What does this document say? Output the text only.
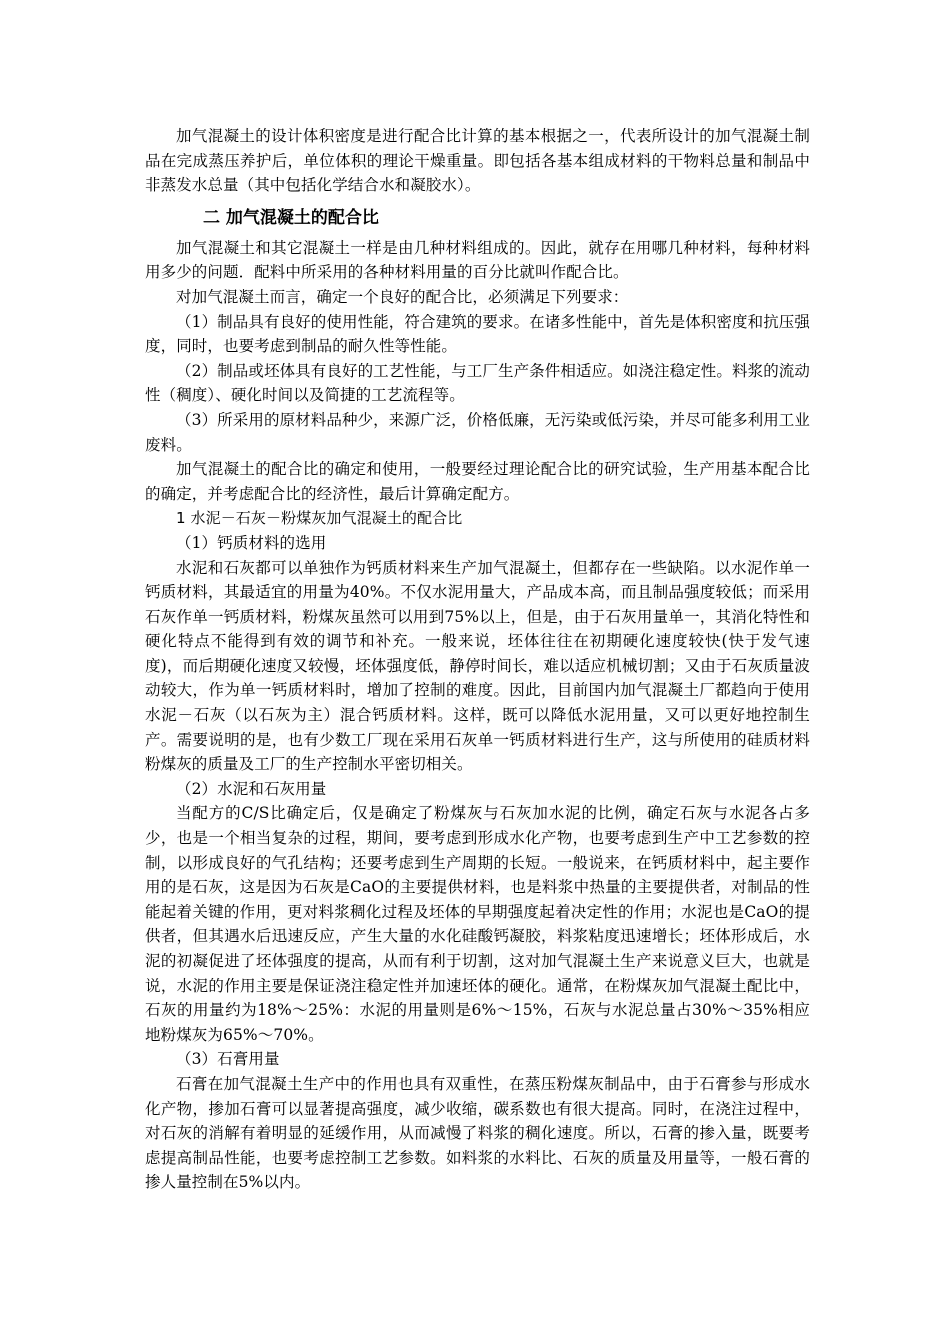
加气混凝土的设计体积密度是进行配合比计算的基本根据之一，代表所设计的加气混凝土制品在完成蒸压养护后，单位体积的理论干燥重量。即包括各基本组成材料的干物料总量和制品中非蒸发水总量（其中包括化学结合水和凝胶水）。

二 加气混凝土的配合比

加气混凝土和其它混凝土一样是由几种材料组成的。因此，就存在用哪几种材料，每种材料用多少的问题．配料中所采用的各种材料用量的百分比就叫作配合比。

对加气混凝土而言，确定一个良好的配合比，必须满足下列要求：

（1）制品具有良好的使用性能，符合建筑的要求。在诸多性能中，首先是体积密度和抗压强度，同时，也要考虑到制品的耐久性等性能。

（2）制品或坯体具有良好的工艺性能，与工厂生产条件相适应。如浇注稳定性。料浆的流动性（稠度）、硬化时间以及简捷的工艺流程等。

（3）所采用的原材料品种少，来源广泛，价格低廉，无污染或低污染，并尽可能多利用工业废料。

加气混凝土的配合比的确定和使用，一般要经过理论配合比的研究试验，生产用基本配合比的确定，并考虑配合比的经济性，最后计算确定配方。

1 水泥－石灰－粉煤灰加气混凝土的配合比

（1）钙质材料的选用

水泥和石灰都可以单独作为钙质材料来生产加气混凝土，但都存在一些缺陷。以水泥作单一钙质材料，其最适宜的用量为40%。不仅水泥用量大，产品成本高，而且制品强度较低；而采用石灰作单一钙质材料，粉煤灰虽然可以用到75%以上，但是，由于石灰用量单一，其消化特性和硬化特点不能得到有效的调节和补充。一般来说，坯体往往在初期硬化速度较快(快于发气速度)，而后期硬化速度又较慢，坯体强度低，静停时间长，难以适应机械切割；又由于石灰质量波动较大，作为单一钙质材料时，增加了控制的难度。因此，目前国内加气混凝土厂都趋向于使用水泥－石灰（以石灰为主）混合钙质材料。这样，既可以降低水泥用量，又可以更好地控制生产。需要说明的是，也有少数工厂现在采用石灰单一钙质材料进行生产，这与所使用的硅质材料粉煤灰的质量及工厂的生产控制水平密切相关。

（2）水泥和石灰用量

当配方的C/S比确定后，仅是确定了粉煤灰与石灰加水泥的比例，确定石灰与水泥各占多少，也是一个相当复杂的过程，期间，要考虑到形成水化产物，也要考虑到生产中工艺参数的控制，以形成良好的气孔结构；还要考虑到生产周期的长短。一般说来，在钙质材料中，起主要作用的是石灰，这是因为石灰是CaO的主要提供材料，也是料浆中热量的主要提供者，对制品的性能起着关键的作用，更对料浆稠化过程及坯体的早期强度起着决定性的作用；水泥也是CaO的提供者，但其遇水后迅速反应，产生大量的水化硅酸钙凝胶，料浆粘度迅速增长；坯体形成后，水泥的初凝促进了坯体强度的提高，从而有利于切割，这对加气混凝土生产来说意义巨大，也就是说，水泥的作用主要是保证浇注稳定性并加速坯体的硬化。通常，在粉煤灰加气混凝土配比中，石灰的用量约为18%～25%：水泥的用量则是6%～15%，石灰与水泥总量占30%～35%相应地粉煤灰为65%～70%。

（3）石膏用量

石膏在加气混凝土生产中的作用也具有双重性，在蒸压粉煤灰制品中，由于石膏参与形成水化产物，掺加石膏可以显著提高强度，减少收缩，碳系数也有很大提高。同时，在浇注过程中，对石灰的消解有着明显的延缓作用，从而减慢了料浆的稠化速度。所以，石膏的掺入量，既要考虑提高制品性能，也要考虑控制工艺参数。如料浆的水料比、石灰的质量及用量等，一般石膏的掺人量控制在5%以内。
